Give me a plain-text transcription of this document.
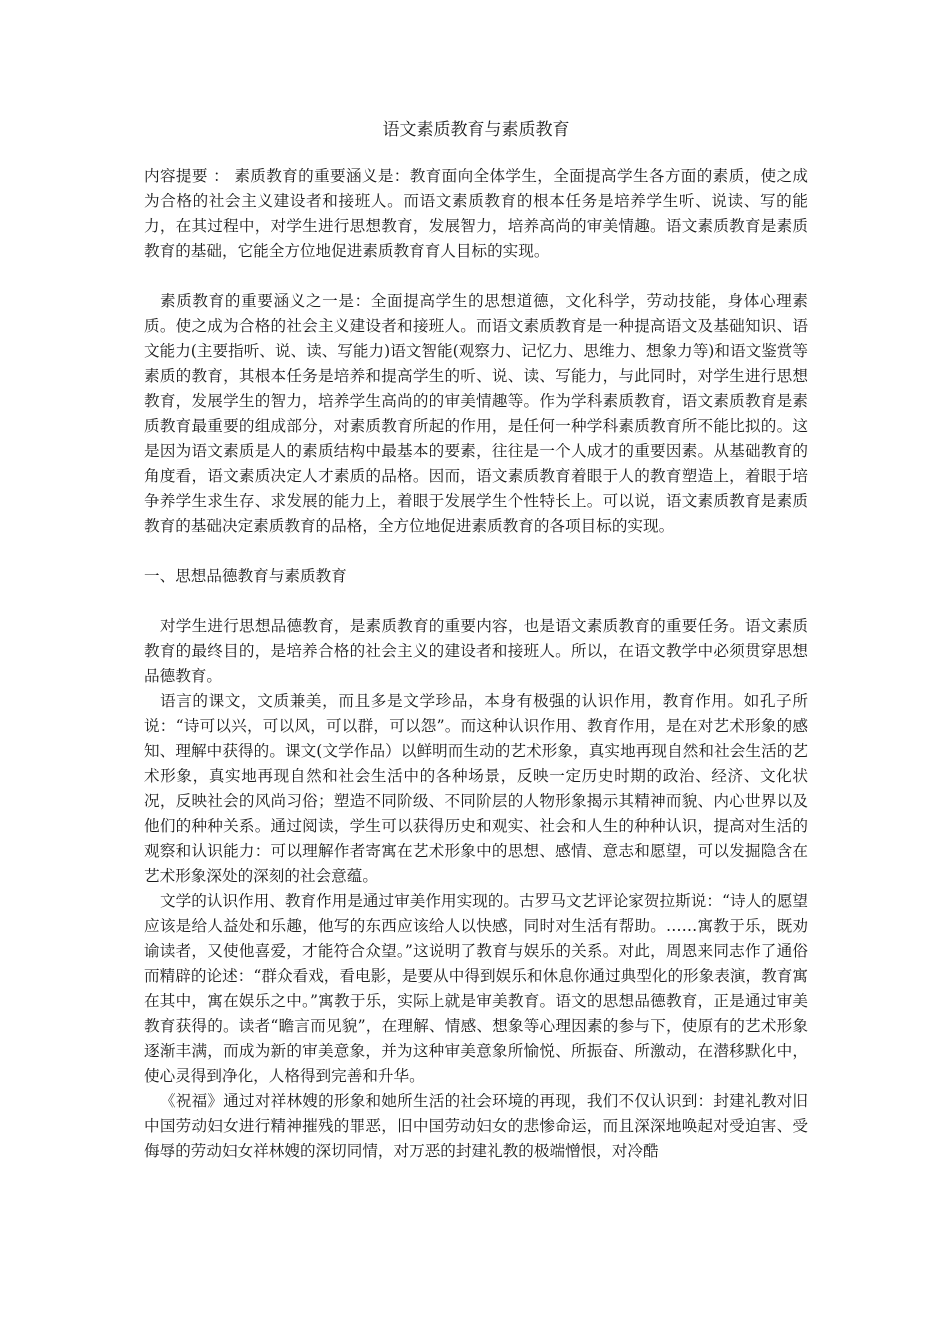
语文素质教育与素质教育

内容提要 ： 素质教育的重要涵义是：教育面向全体学生，全面提高学生各方面的素质，使之成为合格的社会主义建设者和接班人。而语文素质教育的根本任务是培养学生听、说读、写的能力，在其过程中，对学生进行思想教育，发展智力，培养高尚的审美情趣。语文素质教育是素质教育的基础，它能全方位地促进素质教育育人目标的实现。

素质教育的重要涵义之一是：全面提高学生的思想道德，文化科学，劳动技能，身体心理素质。使之成为合格的社会主义建设者和接班人。而语文素质教育是一种提高语文及基础知识、语文能力(主要指听、说、读、写能力)语文智能(观察力、记忆力、思维力、想象力等)和语文鉴赏等素质的教育，其根本任务是培养和提高学生的听、说、读、写能力，与此同时，对学生进行思想教育，发展学生的智力，培养学生高尚的的审美情趣等。作为学科素质教育，语文素质教育是素质教育最重要的组成部分，对素质教育所起的作用，是任何一种学科素质教育所不能比拟的。这是因为语文素质是人的素质结构中最基本的要素，往往是一个人成才的重要因素。从基础教育的角度看，语文素质决定人才素质的品格。因而，语文素质教育着眼于人的教育塑造上，着眼于培争养学生求生存、求发展的能力上，着眼于发展学生个性特长上。可以说，语文素质教育是素质教育的基础决定素质教育的品格，全方位地促进素质教育的各项目标的实现。

一、思想品德教育与素质教育

对学生进行思想品德教育，是素质教育的重要内容，也是语文素质教育的重要任务。语文素质教育的最终目的，是培养合格的社会主义的建设者和接班人。所以，在语文教学中必须贯穿思想品德教育。

语言的课文，文质兼美，而且多是文学珍品，本身有极强的认识作用，教育作用。如孔子所说：“诗可以兴，可以风，可以群，可以怨”。而这种认识作用、教育作用，是在对艺术形象的感知、理解中获得的。课文(文学作品）以鲜明而生动的艺术形象，真实地再现自然和社会生活的艺术形象，真实地再现自然和社会生活中的各种场景，反映一定历史时期的政治、经济、文化状况，反映社会的风尚习俗；塑造不同阶级、不同阶层的人物形象揭示其精神而貌、内心世界以及他们的种种关系。通过阅读，学生可以获得历史和观实、社会和人生的种种认识，提高对生活的观察和认识能力：可以理解作者寄寓在艺术形象中的思想、感情、意志和愿望，可以发掘隐含在艺术形象深处的深刻的社会意蕴。

文学的认识作用、教育作用是通过审美作用实现的。古罗马文艺评论家贺拉斯说：“诗人的愿望应该是给人益处和乐趣，他写的东西应该给人以快感，同时对生活有帮助。……寓教于乐，既劝谕读者，又使他喜爱，才能符合众望。”这说明了教育与娱乐的关系。对此，周恩来同志作了通俗而精辟的论述：“群众看戏，看电影，是要从中得到娱乐和休息你通过典型化的形象表演，教育寓在其中，寓在娱乐之中。”寓教于乐，实际上就是审美教育。语文的思想品德教育，正是通过审美教育获得的。读者“瞻言而见貌”，在理解、情感、想象等心理因素的参与下，使原有的艺术形象逐渐丰满，而成为新的审美意象，并为这种审美意象所愉悦、所振奋、所激动，在潜移默化中，使心灵得到净化，人格得到完善和升华。

《祝福》通过对祥林嫂的形象和她所生活的社会环境的再现，我们不仅认识到：封建礼教对旧中国劳动妇女进行精神摧残的罪恶，旧中国劳动妇女的悲惨命运，而且深深地唤起对受迫害、受侮辱的劳动妇女祥林嫂的深切同情，对万恶的封建礼教的极端憎恨，对冷酷
